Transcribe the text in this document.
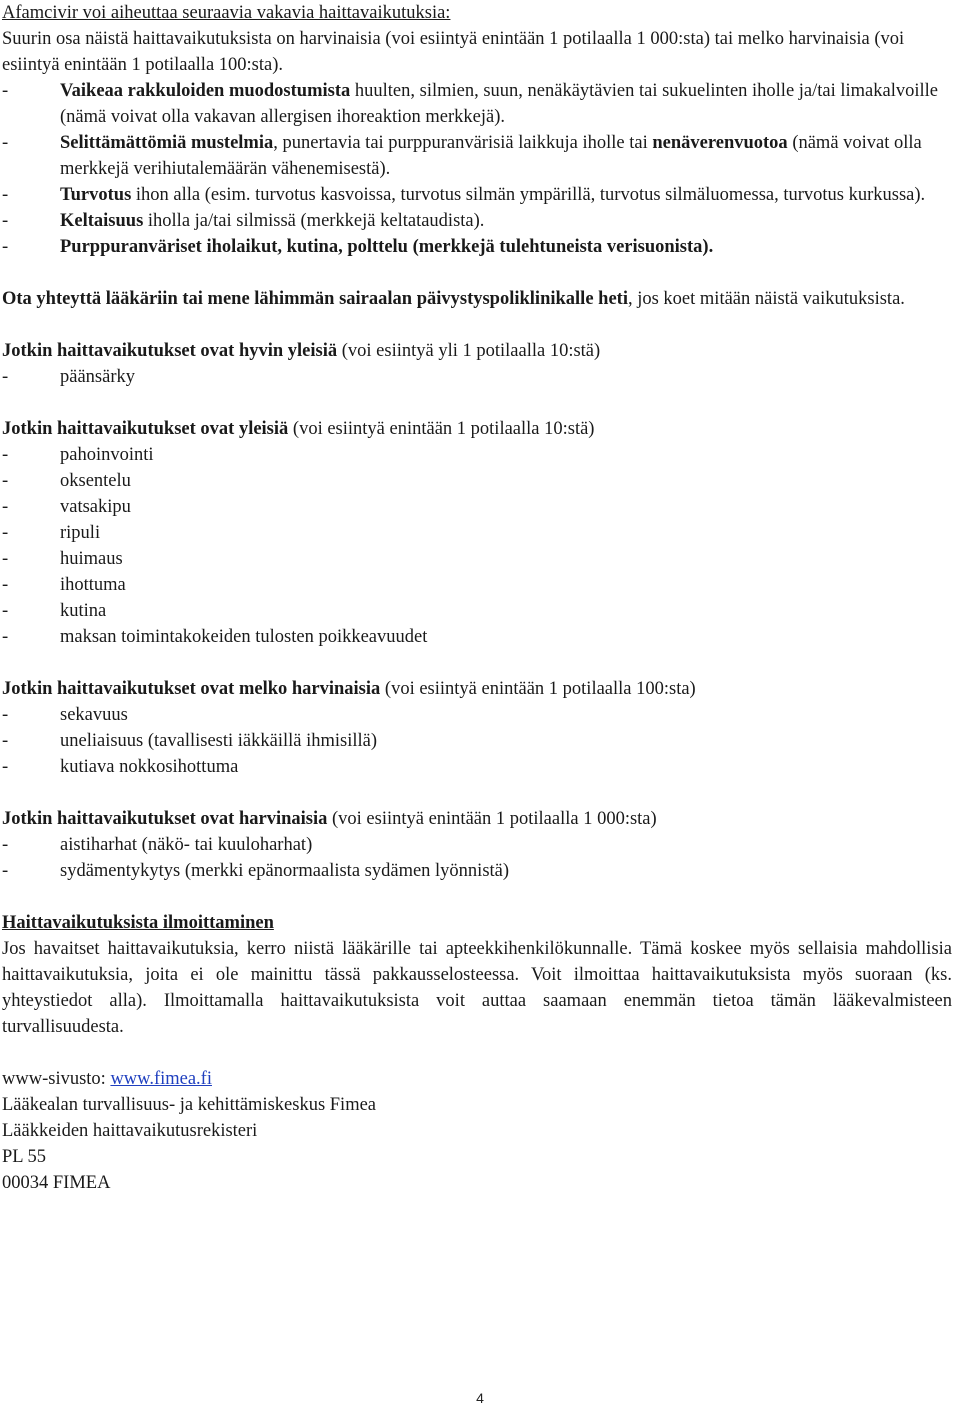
Afamcivir voi aiheuttaa seuraavia vakavia haittavaikutuksia:

Suurin osa näistä haittavaikutuksista on harvinaisia (voi esiintyä enintään 1 potilaalla 1 000:sta) tai melko harvinaisia (voi esiintyä enintään 1 potilaalla 100:sta).

-	Vaikeaa rakkuloiden muodostumista huulten, silmien, suun, nenäkäytävien tai sukuelinten iholle ja/tai limakalvoille (nämä voivat olla vakavan allergisen ihoreaktion merkkejä).
-	Selittämättömiä mustelmia, punertavia tai purppuranvärisiä laikkuja iholle tai nenäverenvuotoa (nämä voivat olla merkkejä verihiutalemäärän vähenemisestä).
-	Turvotus ihon alla (esim. turvotus kasvoissa, turvotus silmän ympärillä, turvotus silmäluomessa, turvotus kurkussa).
-	Keltaisuus iholla ja/tai silmissä (merkkejä keltataudista).
-	Purppuranväriset iholaikut, kutina, polttelu (merkkejä tulehtuneista verisuonista).

Ota yhteyttä lääkäriin tai mene lähimmän sairaalan päivystyspoliklinikalle heti, jos koet mitään näistä vaikutuksista.

Jotkin haittavaikutukset ovat hyvin yleisiä (voi esiintyä yli 1 potilaalla 10:stä)

-	päänsärky

Jotkin haittavaikutukset ovat yleisiä (voi esiintyä enintään 1 potilaalla 10:stä)

-	pahoinvointi
-	oksentelu
-	vatsakipu
-	ripuli
-	huimaus
-	ihottuma
-	kutina
-	maksan toimintakokeiden tulosten poikkeavuudet

Jotkin haittavaikutukset ovat melko harvinaisia (voi esiintyä enintään 1 potilaalla 100:sta)

-	sekavuus
-	uneliaisuus (tavallisesti iäkkäillä ihmisillä)
-	kutiava nokkosihottuma

Jotkin haittavaikutukset ovat harvinaisia (voi esiintyä enintään 1 potilaalla 1 000:sta)

-	aistiharhat (näkö- tai kuuloharhat)
-	sydämentykytys (merkki epänormaalista sydämen lyönnistä)

Haittavaikutuksista ilmoittaminen

Jos havaitset haittavaikutuksia, kerro niistä lääkärille tai apteekkihenkilökunnalle. Tämä koskee myös sellaisia mahdollisia haittavaikutuksia, joita ei ole mainittu tässä pakkausselosteessa. Voit ilmoittaa haittavaikutuksista myös suoraan (ks. yhteystiedot alla). Ilmoittamalla haittavaikutuksista voit auttaa saamaan enemmän tietoa tämän lääkevalmisteen turvallisuudesta.

www-sivusto: www.fimea.fi

Lääkealan turvallisuus- ja kehittämiskeskus Fimea

Lääkkeiden haittavaikutusrekisteri

PL 55

00034 FIMEA

4
